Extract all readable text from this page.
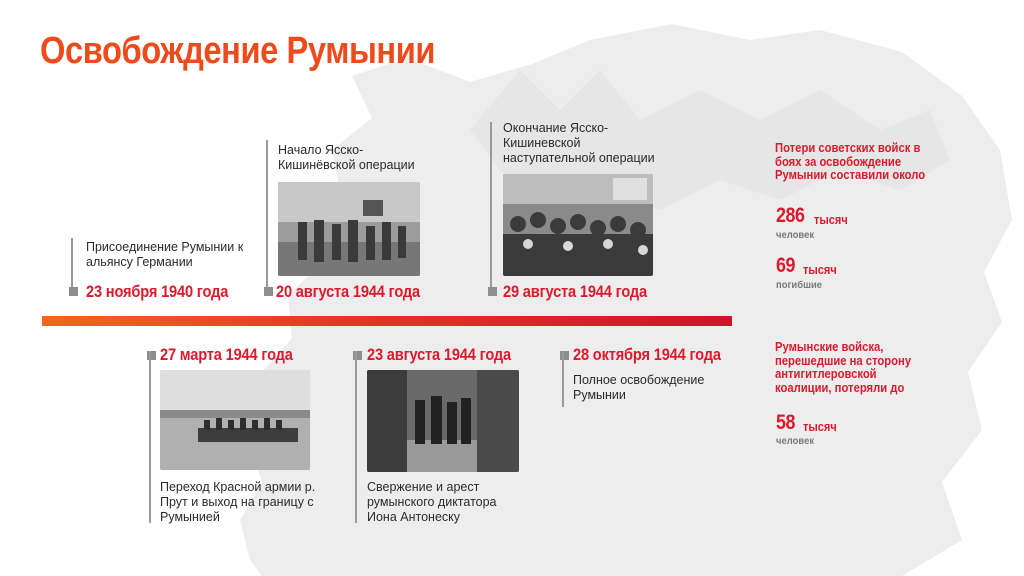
Освобождение Румынии
Присоединение Румынии к альянсу Германии
23 ноября 1940 года
Начало Ясско-Кишинёвской операции
20 августа 1944 года
Окончание Ясско-Кишиневской наступательной операции
29 августа 1944 года
27 марта 1944 года
Переход Красной армии р. Прут и выход на границу с Румынией
23 августа 1944 года
Свержение и арест румынского диктатора Иона Антонеску
28 октября 1944 года
Полное освобождение Румынии
Потери советских войск в боях за освобождение Румынии составили около
286 тысяч
человек
69 тысяч
погибшие
Румынские войска, перешедшие на сторону антигитлеровской коалиции, потеряли до
58 тысяч
человек
